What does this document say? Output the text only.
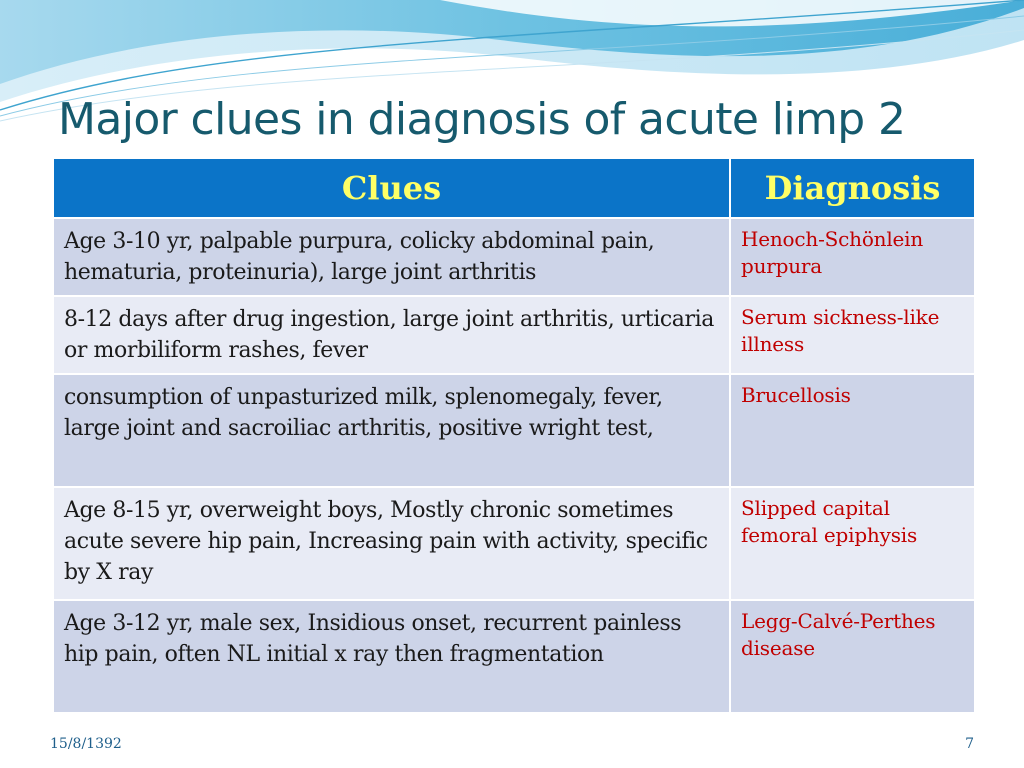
Major clues in diagnosis of acute limp 2
Clues	Diagnosis
Age 3-10 yr, palpable purpura, colicky abdominal pain, hematuria, proteinuria), large joint arthritis	Henoch-Schönlein purpura
8-12 days after drug ingestion, large joint arthritis, urticaria or morbiliform rashes, fever	Serum sickness-like illness
consumption of unpasturized milk, splenomegaly, fever, large joint and sacroiliac arthritis, positive wright test,	Brucellosis
Age 8-15 yr, overweight boys, Mostly chronic sometimes acute severe hip pain, Increasing pain with activity, specific by X ray	Slipped capital femoral epiphysis
Age 3-12 yr, male sex, Insidious onset, recurrent painless hip pain, often NL initial x ray then fragmentation	Legg-Calvé-Perthes disease
15/8/1392	7
